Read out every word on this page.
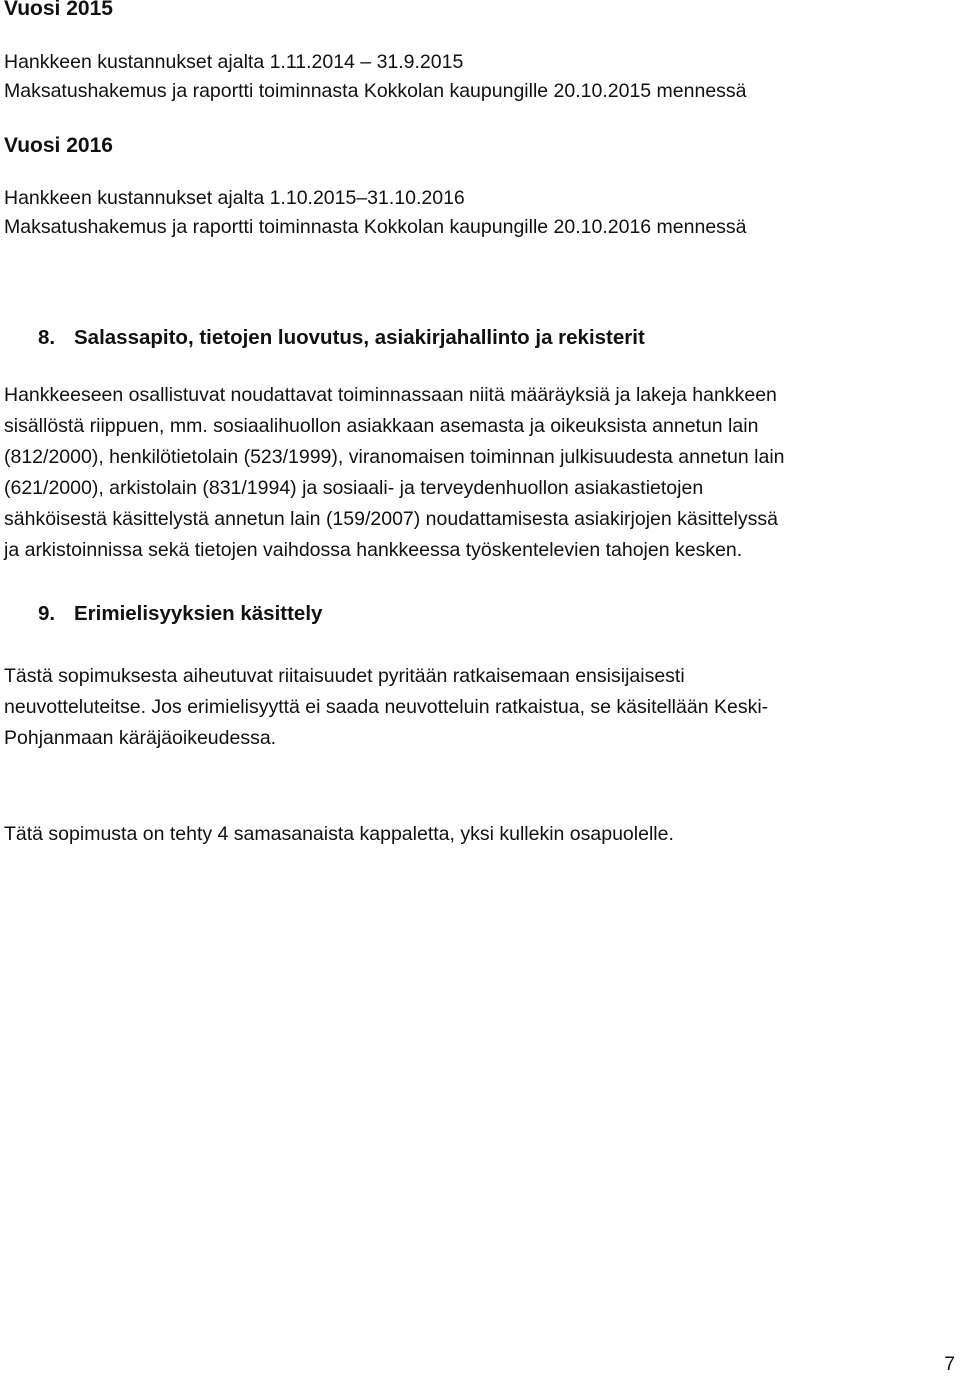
Vuosi 2015

Hankkeen kustannukset ajalta 1.11.2014 – 31.9.2015

Maksatushakemus ja raportti toiminnasta Kokkolan kaupungille 20.10.2015 mennessä

Vuosi 2016

Hankkeen kustannukset ajalta 1.10.2015–31.10.2016

Maksatushakemus ja raportti toiminnasta Kokkolan kaupungille 20.10.2016 mennessä

8. Salassapito, tietojen luovutus, asiakirjahallinto ja rekisterit
Hankkeeseen osallistuvat noudattavat toiminnassaan niitä määräyksiä ja lakeja hankkeen
sisällöstä riippuen, mm. sosiaalihuollon asiakkaan asemasta ja oikeuksista annetun lain
(812/2000), henkilötietolain (523/1999), viranomaisen toiminnan julkisuudesta annetun lain
(621/2000), arkistolain (831/1994) ja sosiaali- ja terveydenhuollon asiakastietojen
sähköisestä käsittelystä annetun lain (159/2007) noudattamisesta asiakirjojen käsittelyssä
ja arkistoinnissa sekä tietojen vaihdossa hankkeessa työskentelevien tahojen kesken.
9. Erimielisyyksien käsittely
Tästä sopimuksesta aiheutuvat riitaisuudet pyritään ratkaisemaan ensisijaisesti
neuvotteluteitse. Jos erimielisyyttä ei saada neuvotteluin ratkaistua, se käsitellään Keski-
Pohjanmaan käräjäoikeudessa.

Tätä sopimusta on tehty 4 samasanaista kappaletta, yksi kullekin osapuolelle.

7
